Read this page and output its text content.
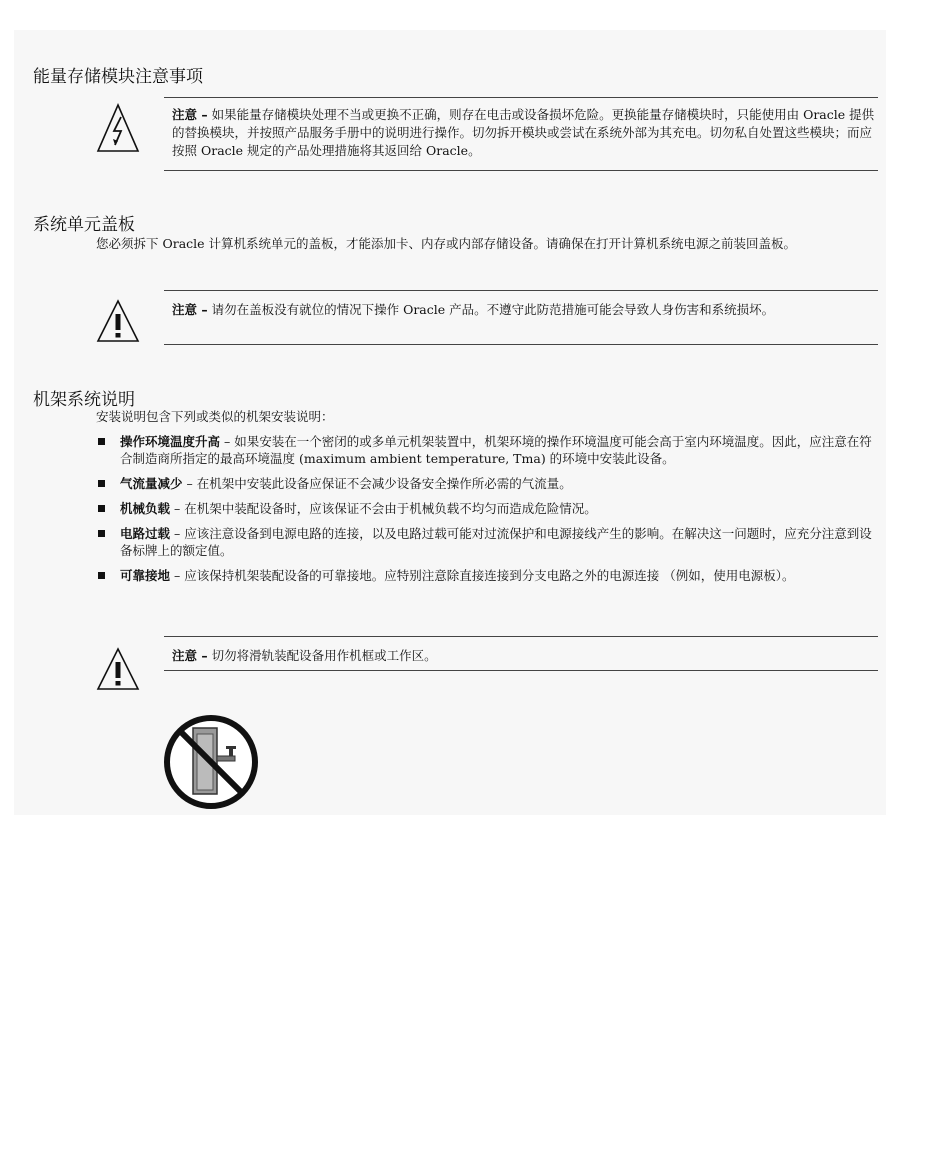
能量存储模块注意事项
注意 – 如果能量存储模块处理不当或更换不正确，则存在电击或设备损坏危险。更换能量存储模块时，只能使用由 Oracle 提供的替换模块，并按照产品服务手册中的说明进行操作。切勿拆开模块或尝试在系统外部为其充电。切勿私自处置这些模块；而应按照 Oracle 规定的产品处理措施将其返回给 Oracle。
系统单元盖板

您必须拆下 Oracle 计算机系统单元的盖板，才能添加卡、内存或内部存储设备。请确保在打开计算机系统电源之前装回盖板。

注意 – 请勿在盖板没有就位的情况下操作 Oracle 产品。不遵守此防范措施可能会导致人身伤害和系统损坏。
机架系统说明

安装说明包含下列或类似的机架安装说明：

操作环境温度升高 – 如果安装在一个密闭的或多单元机架装置中，机架环境的操作环境温度可能会高于室内环境温度。因此，应注意在符合制造商所指定的最高环境温度 (maximum ambient temperature, Tma) 的环境中安装此设备。
气流量减少 – 在机架中安装此设备应保证不会减少设备安全操作所必需的气流量。
机械负载 – 在机架中装配设备时，应该保证不会由于机械负载不均匀而造成危险情况。
电路过载 – 应该注意设备到电源电路的连接，以及电路过载可能对过流保护和电源接线产生的影响。在解决这一问题时，应充分注意到设备标牌上的额定值。
可靠接地 – 应该保持机架装配设备的可靠接地。应特别注意除直接连接到分支电路之外的电源连接 （例如，使用电源板）。
注意 – 切勿将滑轨装配设备用作机框或工作区。
